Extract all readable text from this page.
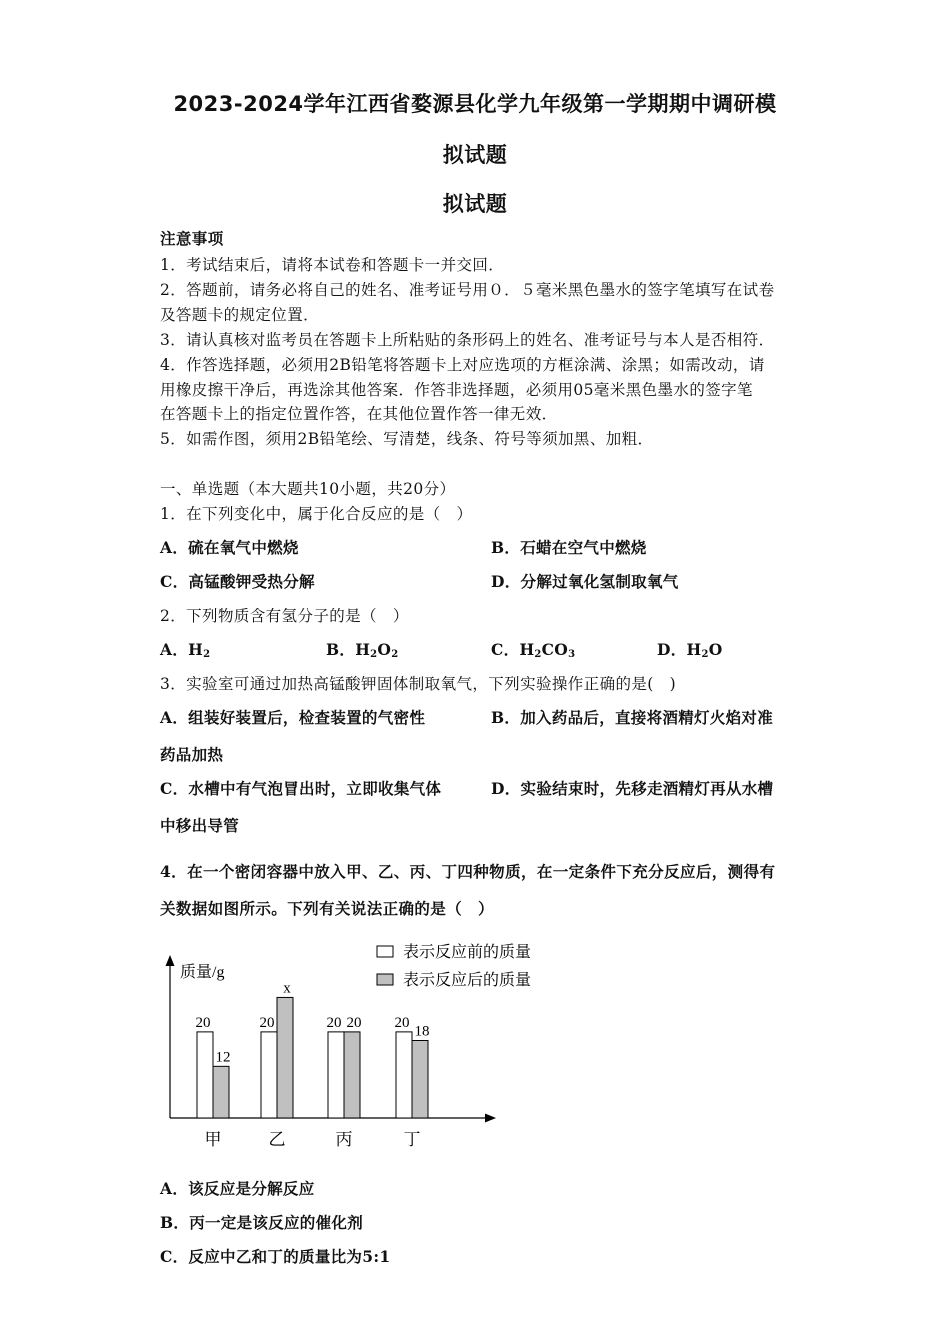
2023-2024学年江西省婺源县化学九年级第一学期期中调研模
拟试题
拟试题
注意事项
1．考试结束后，请将本试卷和答题卡一并交回．
2．答题前，请务必将自己的姓名、准考证号用０．５毫米黑色墨水的签字笔填写在试卷
及答题卡的规定位置．
3．请认真核对监考员在答题卡上所粘贴的条形码上的姓名、准考证号与本人是否相符．
4．作答选择题，必须用2B铅笔将答题卡上对应选项的方框涂满、涂黑；如需改动，请
用橡皮擦干净后，再选涂其他答案．作答非选择题，必须用05毫米黑色墨水的签字笔
在答题卡上的指定位置作答，在其他位置作答一律无效．
5．如需作图，须用2B铅笔绘、写清楚，线条、符号等须加黑、加粗．
一、单选题（本大题共10小题，共20分）
1．在下列变化中，属于化合反应的是（　）
A．硫在氧气中燃烧	B．石蜡在空气中燃烧
C．高锰酸钾受热分解	D．分解过氧化氢制取氧气
2．下列物质含有氢分子的是（　）
A．$H_2$	B．$H_2O_2$	C．$H_2CO_3$	D．$H_2O$
3．实验室可通过加热高锰酸钾固体制取氧气，下列实验操作正确的是(　)
A．组装好装置后，检查装置的气密性	B．加入药品后，直接将酒精灯火焰对准
药品加热
C．水槽中有气泡冒出时，立即收集气体	D．实验结束时，先移走酒精灯再从水槽
中移出导管
4．在一个密闭容器中放入甲、乙、丙、丁四种物质，在一定条件下充分反应后，测得有
关数据如图所示。下列有关说法正确的是（　）
质量/g
表示反应前的质量
表示反应后的质量
20
12
甲
20
x
乙
20 20
丙
20
18
丁
A．该反应是分解反应
B．丙一定是该反应的催化剂
C．反应中乙和丁的质量比为5:1
